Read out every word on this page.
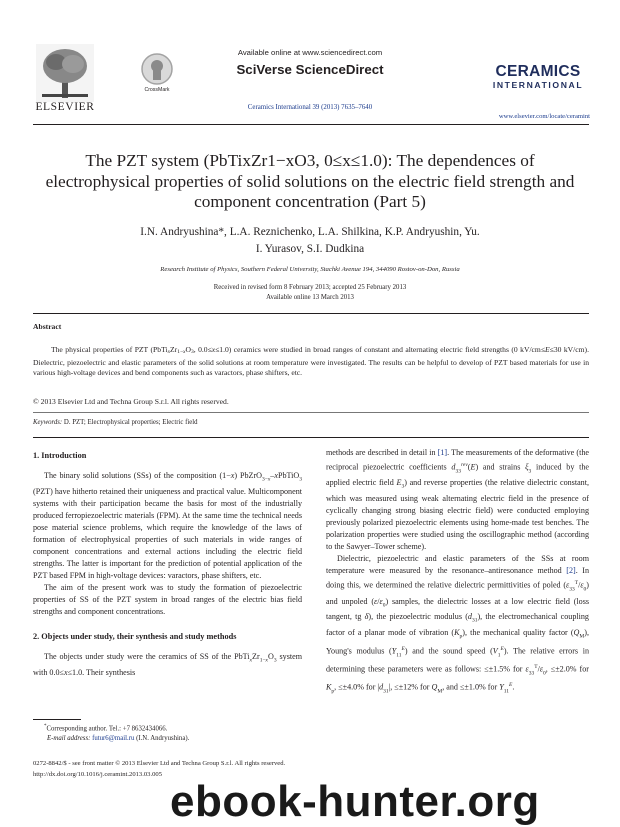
ELSEVIER
CrossMark
Available online at www.sciencedirect.com
SciVerse ScienceDirect
Ceramics International 39 (2013) 7635–7640
CERAMICS
INTERNATIONAL
www.elsevier.com/locate/ceramint
The PZT system (PbTixZr1−xO3, 0≤x≤1.0): The dependences of electrophysical properties of solid solutions on the electric field strength and component concentration (Part 5)
I.N. Andryushina*, L.A. Reznichenko, L.A. Shilkina, K.P. Andryushin, Yu.
I. Yurasov, S.I. Dudkina
Research Institute of Physics, Southern Federal University, Stachki Avenue 194, 344090 Rostov-on-Don, Russia
Received in revised form 8 February 2013; accepted 25 February 2013
Available online 13 March 2013
Abstract
The physical properties of PZT (PbTixZr1−xO3, 0.0≤x≤1.0) ceramics were studied in broad ranges of constant and alternating electric field strengths (0 kV/cm≤E≤30 kV/cm). Dielectric, piezoelectric and elastic parameters of the solid solutions at room temperature were investigated. The results can be helpful to develop of PZT based materials for use in various high-voltage devices and bend components such as varactors, phase shifters, etc.
© 2013 Elsevier Ltd and Techna Group S.r.l. All rights reserved.
Keywords: D. PZT; Electrophysical properties; Electric field
1. Introduction

The binary solid solutions (SSs) of the composition (1−x) PbZrO$_{3-x}$–xPbTiO$_3$ (PZT) have hitherto retained their uniqueness and practical value. Multicomponent systems with their participation became the basis for most of the industrially produced ferropiezoelectric materials (FPM). At the same time the technical needs pose material science problems, which require the knowledge of the laws of formation of electrophysical properties of such materials in wide ranges of component concentrations and external actions including the electric field strengths. The latter is important for the prediction of potential application of the PZT based FPM in high-voltage devices: varactors, phase shifters, etc.

The aim of the present work was to study the formation of piezoelectric properties of SS of the PZT system in broad ranges of the electric bias field strengths and component concentrations.

2. Objects under study, their synthesis and study methods

The objects under study were the ceramics of SS of the $PbTi_xZr_{1-x}O_3$ system with 0.0≤x≤1.0. Their synthesis

*Corresponding author. Tel.: +7 8632434066.
E-mail address: futur6@mail.ru (I.N. Andryushina).

methods are described in detail in [1]. The measurements of the deformative (the reciprocal piezoelectric coefficients $d_{33}^{rev}(E)$ and strains $\xi_3$ induced by the applied electric field $E_3$) and reverse properties (the relative dielectric constant, which was measured using weak alternating electric field in the presence of cyclically changing strong biasing electric field) were conducted employing previously polarized piezoelectric elements using home-made test benches. The polarization properties were studied using the oscillographic method (according to the Sawyer–Tower scheme).

Dielectric, piezoelectric and elastic parameters of the SSs at room temperature were measured by the resonance–antiresonance method [2]. In doing this, we determined the relative dielectric permittivities of poled $(\varepsilon_{33}^T/\varepsilon_0)$ and unpoled $(\varepsilon/\varepsilon_0)$ samples, the dielectric losses at a low electric field (loss tangent, tg δ), the piezoelectric modulus $(d_{31})$, the electromechanical coupling factor of a planar mode of vibration $(K_p)$, the mechanical quality factor $(Q_M)$, Young's modulus $(Y_{11}^E)$ and the sound speed $(V_1^E)$. The relative errors in determining these parameters were as follows: ≤±1.5% for $\varepsilon_{33}^T/\varepsilon_0$, ≤±2.0% for $K_p$, ≤±4.0% for $|d_{31}|$, ≤±12% for $Q_M$, and ≤±1.0% for $Y_{11}^E$.

0272-8842/$ - see front matter © 2013 Elsevier Ltd and Techna Group S.r.l. All rights reserved.
http://dx.doi.org/10.1016/j.ceramint.2013.03.005
ebook-hunter.org
